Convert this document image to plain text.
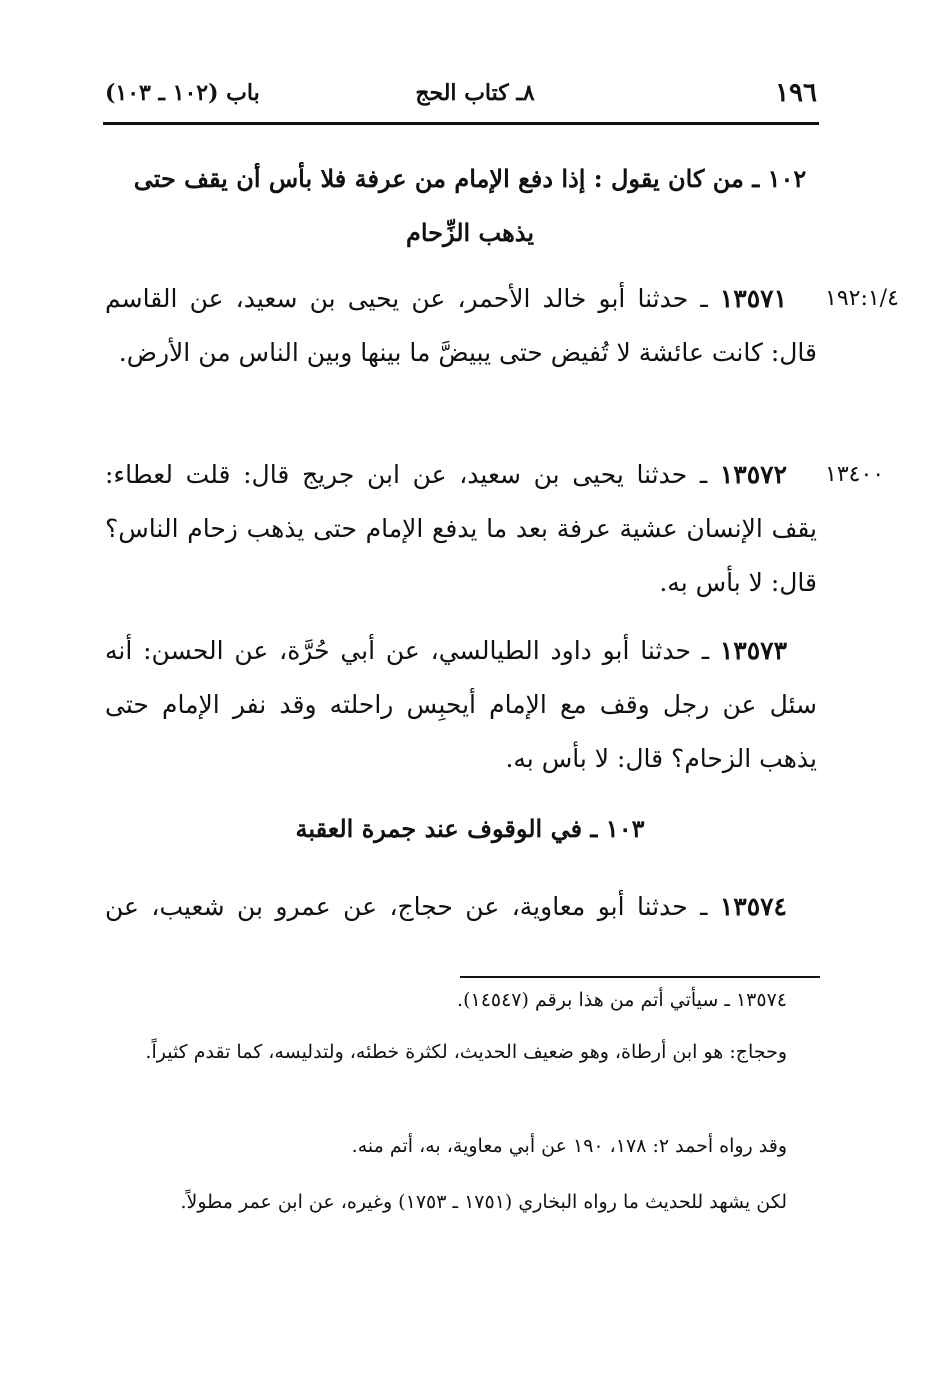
١٩٦
٨ـ كتاب الحج
باب (١٠٢ ـ ١٠٣)
١٠٢ ـ من كان يقول : إذا دفع الإمام من عرفة فلا بأس أن يقف حتى يذهب الزِّحام
١٩٢:١/٤
١٣٥٧١ ـ حدثنا أبو خالد الأحمر، عن يحيى بن سعيد، عن القاسم قال: كانت عائشة لا تُفيض حتى يبيضَّ ما بينها وبين الناس من الأرض.
١٣٤٠٠
١٣٥٧٢ ـ حدثنا يحيى بن سعيد، عن ابن جريج قال: قلت لعطاء: يقف الإنسان عشية عرفة بعد ما يدفع الإمام حتى يذهب زحام الناس؟ قال: لا بأس به.
١٣٥٧٣ ـ حدثنا أبو داود الطيالسي، عن أبي حُرَّة، عن الحسن: أنه سئل عن رجل وقف مع الإمام أيحبِس راحلته وقد نفر الإمام حتى يذهب الزحام؟ قال: لا بأس به.
١٠٣ ـ في الوقوف عند جمرة العقبة
١٣٥٧٤ ـ حدثنا أبو معاوية، عن حجاج، عن عمرو بن شعيب، عن
١٣٥٧٤ ـ سيأتي أتم من هذا برقم (١٤٥٤٧).
وحجاج: هو ابن أرطاة، وهو ضعيف الحديث، لكثرة خطئه، ولتدليسه، كما تقدم كثيراً.
وقد رواه أحمد ٢: ١٧٨، ١٩٠ عن أبي معاوية، به، أتم منه.
لكن يشهد للحديث ما رواه البخاري (١٧٥١ ـ ١٧٥٣) وغيره، عن ابن عمر مطولاً.
